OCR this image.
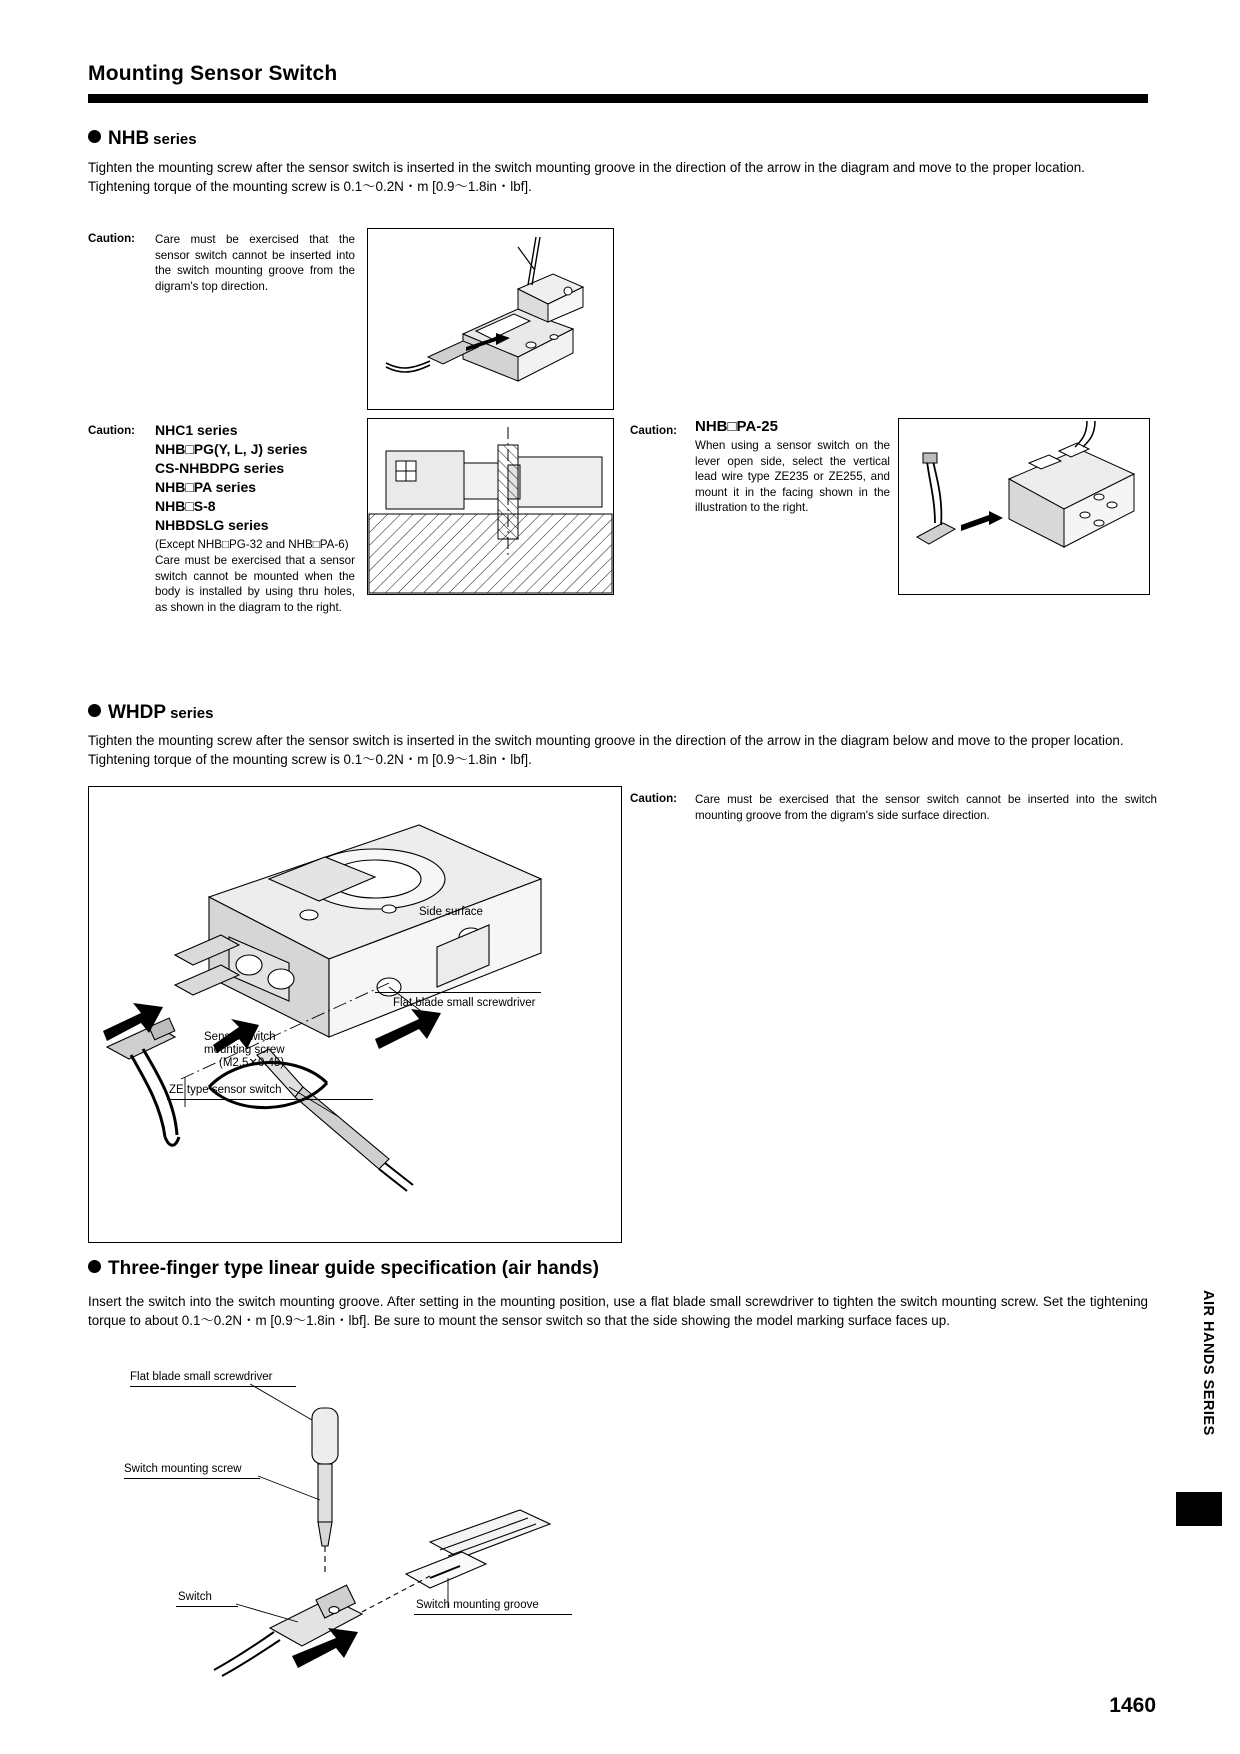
Mounting Sensor Switch
NHB series
Tighten the mounting screw after the sensor switch is inserted in the switch mounting groove in the direction of the arrow in the diagram and move to the proper location. Tightening torque of the mounting screw is 0.1～0.2N・m [0.9～1.8in・lbf].
Caution: Care must be exercised that the sensor switch cannot be inserted into the switch mounting groove from the digram's top direction.
Caution:	NHC1 series
NHB□PG(Y, L, J) series
CS-NHBDPG series
NHB□PA series
NHB□S-8
NHBDSLG series
(Except NHB□PG-32 and NHB□PA-6)
Care must be exercised that a sensor switch cannot be mounted when the body is installed by using thru holes, as shown in the diagram to the right.
Caution:	NHB□PA-25
When using a sensor switch on the lever open side, select the vertical lead wire type ZE235 or ZE255, and mount it in the facing shown in the illustration to the right.
WHDP series
Tighten the mounting screw after the sensor switch is inserted in the switch mounting groove in the direction of the arrow in the diagram below and move to the proper location. Tightening torque of the mounting screw is 0.1～0.2N・m [0.9～1.8in・lbf].
Caution:	Care must be exercised that the sensor switch cannot be inserted into the switch mounting groove from the digram's side surface direction.
Side surface
Flat blade small screwdriver
Sensor switch
mounting screw
(M2.5✕0.45)
ZE type sensor switch
Three-finger type linear guide specification (air hands)
Insert the switch into the switch mounting groove. After setting in the mounting position, use a flat blade small screwdriver to tighten the switch mounting screw. Set the tightening torque to about 0.1～0.2N・m [0.9～1.8in・lbf]. Be sure to mount the sensor switch so that the side showing the model marking surface faces up.
Flat blade small screwdriver
Switch mounting screw
Switch
Switch mounting groove
AIR HANDS SERIES
1460
